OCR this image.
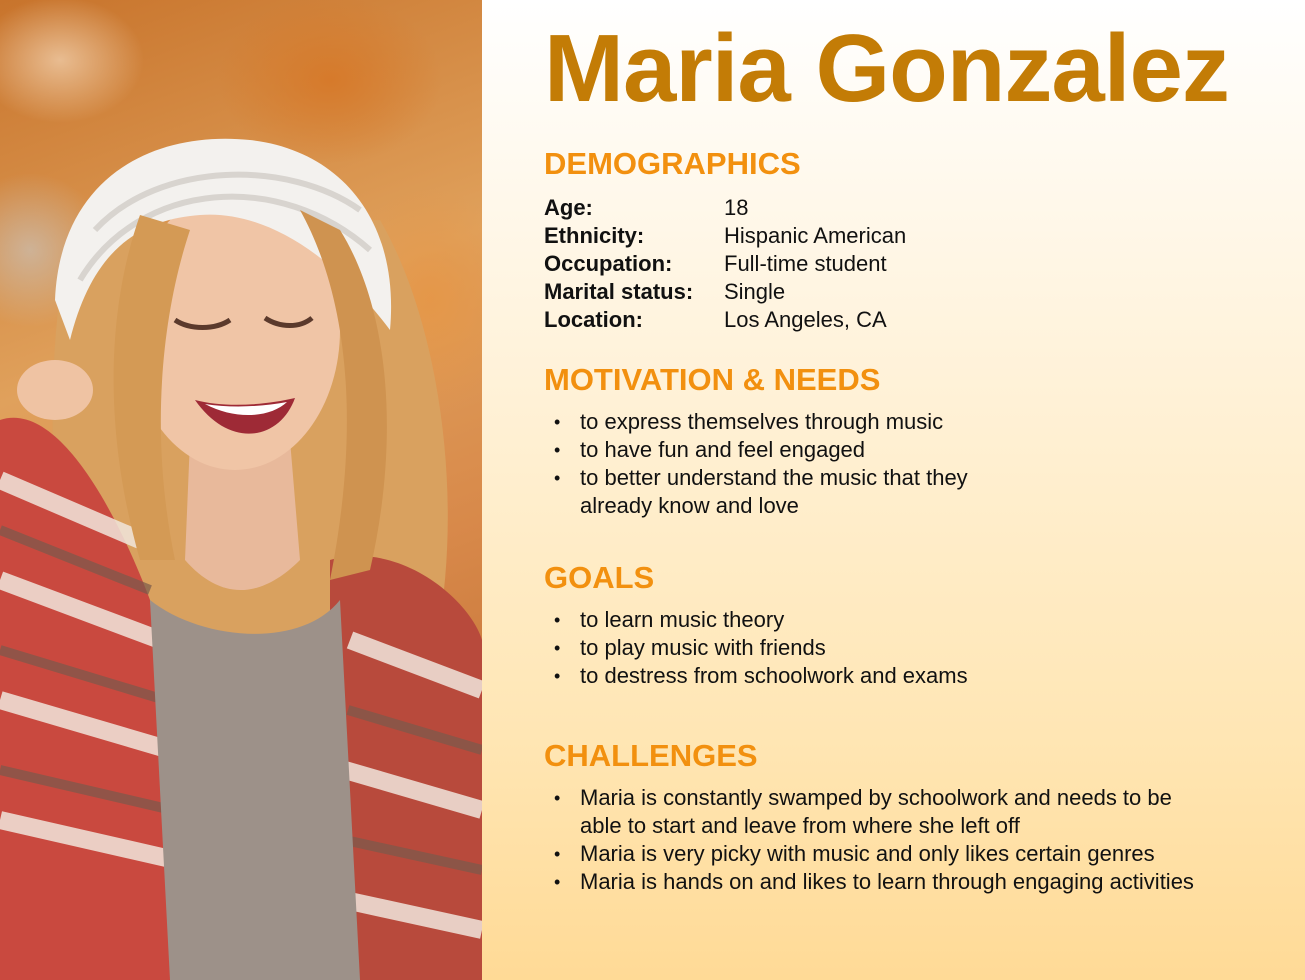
Maria Gonzalez
DEMOGRAPHICS
Age:	18
Ethnicity:	Hispanic American
Occupation:	Full-time student
Marital status:	Single
Location:	Los Angeles, CA
MOTIVATION & NEEDS
• to express themselves through music
• to have fun and feel engaged
• to better understand the music that they already know and love
GOALS
• to learn music theory
• to play music with friends
• to destress from schoolwork and exams
CHALLENGES
• Maria is constantly swamped by schoolwork and needs to be able to start and leave from where she left off
• Maria is very picky with music and only likes certain genres
• Maria is hands on and likes to learn through engaging activities
